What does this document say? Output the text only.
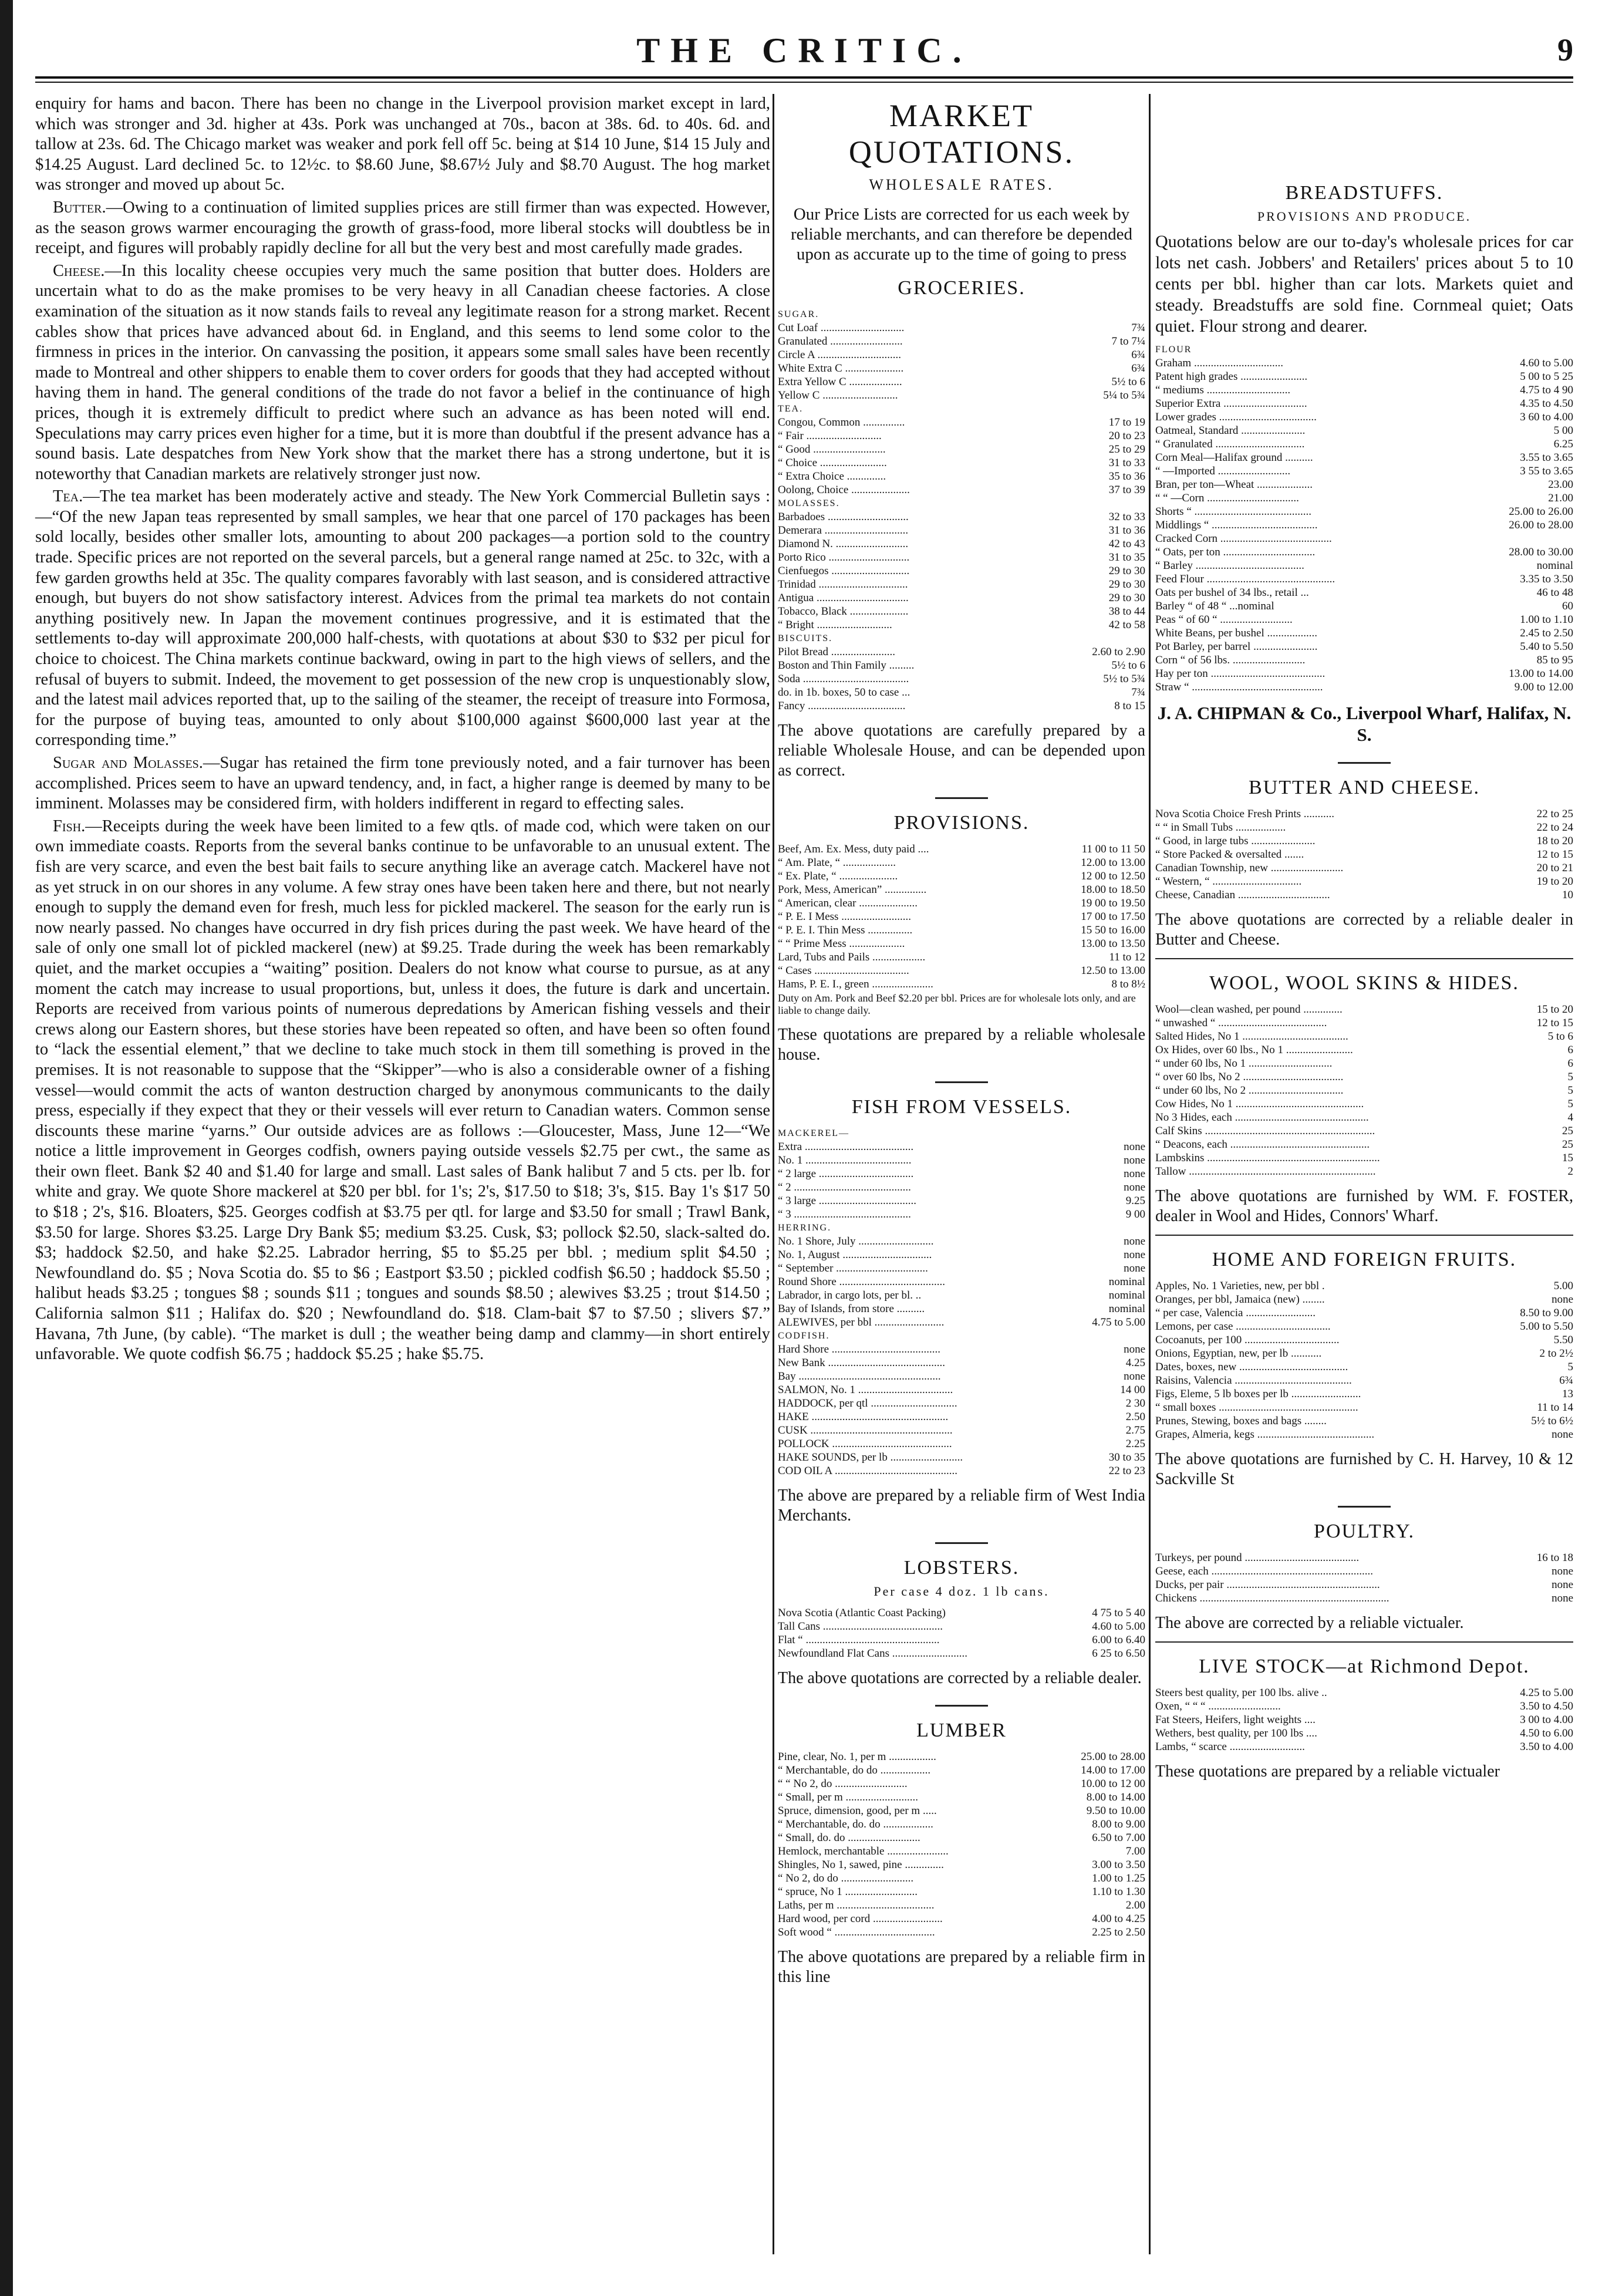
THE CRITIC.	9

enquiry for hams and bacon. There has been no change in the Liverpool provision market except in lard, which was stronger and 3d. higher at 43s. Pork was unchanged at 70s., bacon at 38s. 6d. to 40s. 6d. and tallow at 23s. 6d. The Chicago market was weaker and pork fell off 5c. being at $14 10 June, $14 15 July and $14.25 August. Lard declined 5c. to 12½c. to $8.60 June, $8.67½ July and $8.70 August. The hog market was stronger and moved up about 5c.

Butter.—Owing to a continuation of limited supplies prices are still firmer than was expected. However, as the season grows warmer encouraging the growth of grass-food, more liberal stocks will doubtless be in receipt, and figures will probably rapidly decline for all but the very best and most carefully made grades.

Cheese.—In this locality cheese occupies very much the same position that butter does. Holders are uncertain what to do as the make promises to be very heavy in all Canadian cheese factories. A close examination of the situation as it now stands fails to reveal any legitimate reason for a strong market. Recent cables show that prices have advanced about 6d. in England, and this seems to lend some color to the firmness in prices in the interior. On canvassing the position, it appears some small sales have been recently made to Montreal and other shippers to enable them to cover orders for goods that they had accepted without having them in hand. The general conditions of the trade do not favor a belief in the continuance of high prices, though it is extremely difficult to predict where such an advance as has been noted will end. Speculations may carry prices even higher for a time, but it is more than doubtful if the present advance has a sound basis. Late despatches from New York show that the market there has a strong undertone, but it is noteworthy that Canadian markets are relatively stronger just now.

Tea.—The tea market has been moderately active and steady. The New York Commercial Bulletin says :—“Of the new Japan teas represented by small samples, we hear that one parcel of 170 packages has been sold locally, besides other smaller lots, amounting to about 200 packages—a portion sold to the country trade. Specific prices are not reported on the several parcels, but a general range named at 25c. to 32c, with a few garden growths held at 35c. The quality compares favorably with last season, and is considered attractive enough, but buyers do not show satisfactory interest. Advices from the primal tea markets do not contain anything positively new. In Japan the movement continues progressive, and it is estimated that the settlements to-day will approximate 200,000 half-chests, with quotations at about $30 to $32 per picul for choice to choicest. The China markets continue backward, owing in part to the high views of sellers, and the refusal of buyers to submit. Indeed, the movement to get possession of the new crop is unquestionably slow, and the latest mail advices reported that, up to the sailing of the steamer, the receipt of treasure into Formosa, for the purpose of buying teas, amounted to only about $100,000 against $600,000 last year at the corresponding time.”

Sugar and Molasses.—Sugar has retained the firm tone previously noted, and a fair turnover has been accomplished. Prices seem to have an upward tendency, and, in fact, a higher range is deemed by many to be imminent. Molasses may be considered firm, with holders indifferent in regard to effecting sales.

Fish.—Receipts during the week have been limited to a few qtls. of made cod, which were taken on our own immediate coasts. Reports from the several banks continue to be unfavorable to an unusual extent. The fish are very scarce, and even the best bait fails to secure anything like an average catch. Mackerel have not as yet struck in on our shores in any volume. A few stray ones have been taken here and there, but not nearly enough to supply the demand even for fresh, much less for pickled mackerel. The season for the early run is now nearly passed. No changes have occurred in dry fish prices during the past week. We have heard of the sale of only one small lot of pickled mackerel (new) at $9.25. Trade during the week has been remarkably quiet, and the market occupies a “waiting” position. Dealers do not know what course to pursue, as at any moment the catch may increase to usual proportions, but, unless it does, the future is dark and uncertain. Reports are received from various points of numerous depredations by American fishing vessels and their crews along our Eastern shores, but these stories have been repeated so often, and have been so often found to “lack the essential element,” that we decline to take much stock in them till something is proved in the premises. It is not reasonable to suppose that the “Skipper”—who is also a considerable owner of a fishing vessel—would commit the acts of wanton destruction charged by anonymous communicants to the daily press, especially if they expect that they or their vessels will ever return to Canadian waters. Common sense discounts these marine “yarns.” Our outside advices are as follows :—Gloucester, Mass, June 12—“We notice a little improvement in Georges codfish, owners paying outside vessels $2.75 per cwt., the same as their own fleet. Bank $2 40 and $1.40 for large and small. Last sales of Bank halibut 7 and 5 cts. per lb. for white and gray. We quote Shore mackerel at $20 per bbl. for 1's; 2's, $17.50 to $18; 3's, $15. Bay 1's $17 50 to $18 ; 2's, $16. Bloaters, $25. Georges codfish at $3.75 per qtl. for large and $3.50 for small ; Trawl Bank, $3.50 for large. Shores $3.25. Large Dry Bank $5; medium $3.25. Cusk, $3; pollock $2.50, slack-salted do. $3; haddock $2.50, and hake $2.25. Labrador herring, $5 to $5.25 per bbl. ; medium split $4.50 ; Newfoundland do. $5 ; Nova Scotia do. $5 to $6 ; Eastport $3.50 ; pickled codfish $6.50 ; haddock $5.50 ; halibut heads $3.25 ; tongues $8 ; sounds $11 ; tongues and sounds $8.50 ; alewives $3.25 ; trout $14.50 ; California salmon $11 ; Halifax do. $20 ; Newfoundland do. $18. Clam-bait $7 to $7.50 ; slivers $7.” Havana, 7th June, (by cable). “The market is dull ; the weather being damp and clammy—in short entirely unfavorable. We quote codfish $6.75 ; haddock $5.25 ; hake $5.75.

MARKET QUOTATIONS.
WHOLESALE RATES.
Our Price Lists are corrected for us each week by reliable merchants, and can therefore be depended upon as accurate up to the time of going to press
GROCERIES.
SUGAR.	
Cut Loaf ..............................	7¾
Granulated ..........................	7 to 7¼
Circle A ..............................	6¾
White Extra C .....................	6¾
Extra Yellow C ...................	5½ to 6
Yellow C ...........................	5¼ to 5¾
TEA.	
Congou, Common ...............	17 to 19
“ Fair ...........................	20 to 23
“ Good ..........................	25 to 29
“ Choice ........................	31 to 33
“ Extra Choice ..............	35 to 36
Oolong, Choice .....................	37 to 39
MOLASSES.	
Barbadoes .............................	32 to 33
Demerara ..............................	31 to 36
Diamond N. ..........................	42 to 43
Porto Rico .............................	31 to 35
Cienfuegos ............................	29 to 30
Trinidad ................................	29 to 30
Antigua .................................	29 to 30
Tobacco, Black .....................	38 to 44
“ Bright ...........................	42 to 58
BISCUITS.	
Pilot Bread .......................	2.60 to 2.90
Boston and Thin Family .........	5½ to 6
Soda ......................................	5½ to 5¾
do. in 1b. boxes, 50 to case ...	7¾
Fancy ...................................	8 to 15
The above quotations are carefully prepared by a reliable Wholesale House, and can be depended upon as correct.
PROVISIONS.
Beef, Am. Ex. Mess, duty paid ....	11 00 to 11 50
“ Am. Plate, “ ...................	12.00 to 13.00
“ Ex. Plate, “ .....................	12 00 to 12.50
Pork, Mess, American” ...............	18.00 to 18.50
“ American, clear .....................	19 00 to 19.50
“ P. E. I Mess .........................	17 00 to 17.50
“ P. E. I. Thin Mess ................	15 50 to 16.00
“ “ Prime Mess ....................	13.00 to 13.50
Lard, Tubs and Pails ...................	11 to 12
“ Cases ..................................	12.50 to 13.00
Hams, P. E. I., green ......................	8 to 8½
Duty on Am. Pork and Beef $2.20 per bbl. Prices are for wholesale lots only, and are liable to change daily.
These quotations are prepared by a reliable wholesale house.
FISH FROM VESSELS.
MACKEREL—	
Extra .......................................	none
No. 1 ......................................	none
“ 2 large ..................................	none
“ 2 ..........................................	none
“ 3 large ...................................	9.25
“ 3 ..........................................	9 00
HERRING.	
No. 1 Shore, July ...........................	none
No. 1, August ................................	none
“ September .................................	none
Round Shore ......................................	nominal
Labrador, in cargo lots, per bl. ..	nominal
Bay of Islands, from store ..........	nominal
ALEWIVES, per bbl .........................	4.75 to 5.00
CODFISH.	
Hard Shore .......................................	none
New Bank ..........................................	4.25
Bay ...................................................	none
SALMON, No. 1 ..................................	14 00
HADDOCK, per qtl ...............................	2 30
HAKE .................................................	2.50
CUSK ...................................................	2.75
POLLOCK ...........................................	2.25
HAKE SOUNDS, per lb ..........................	30 to 35
COD OIL A ............................................	22 to 23
The above are prepared by a reliable firm of West India Merchants.
LOBSTERS.
Per case 4 doz. 1 lb cans.
Nova Scotia (Atlantic Coast Packing)	4 75 to 5 40
Tall Cans ...........................................	4.60 to 5.00
Flat “ ................................................	6.00 to 6.40
Newfoundland Flat Cans ...........................	6 25 to 6.50
The above quotations are corrected by a reliable dealer.
LUMBER
Pine, clear, No. 1, per m .................	25.00 to 28.00
“ Merchantable, do do ..................	14.00 to 17.00
“ “ No 2, do ..........................	10.00 to 12 00
“ Small, per m ..........................	8.00 to 14.00
Spruce, dimension, good, per m .....	9.50 to 10.00
“ Merchantable, do. do ..................	8.00 to 9.00
“ Small, do. do ..........................	6.50 to 7.00
Hemlock, merchantable ......................	7.00
Shingles, No 1, sawed, pine ..............	3.00 to 3.50
“ No 2, do do ..........................	1.00 to 1.25
“ spruce, No 1 ..........................	1.10 to 1.30
Laths, per m ...................................	2.00
Hard wood, per cord .........................	4.00 to 4.25
Soft wood “ ....................................	2.25 to 2.50
The above quotations are prepared by a reliable firm in this line
BREADSTUFFS.
PROVISIONS AND PRODUCE.
Quotations below are our to-day's wholesale prices for car lots net cash. Jobbers' and Retailers' prices about 5 to 10 cents per bbl. higher than car lots. Markets quiet and steady. Breadstuffs are sold fine. Cornmeal quiet; Oats quiet. Flour strong and dearer.
FLOUR	
Graham ................................	4.60 to 5.00
Patent high grades ........................	5 00 to 5 25
“ mediums ..............................	4.75 to 4 90
Superior Extra ..............................	4.35 to 4.50
Lower grades ...................................	3 60 to 4.00
Oatmeal, Standard .......................	5 00
“ Granulated ................................	6.25
Corn Meal—Halifax ground ..........	3.55 to 3.65
“ —Imported ..........................	3 55 to 3.65
Bran, per ton—Wheat ....................	23.00
“ “ —Corn .................................	21.00
Shorts “ ..........................................	25.00 to 26.00
Middlings “ ......................................	26.00 to 28.00
Cracked Corn ........................................	
“ Oats, per ton .................................	28.00 to 30.00
“ Barley .......................................	nominal
Feed Flour ..............................................	3.35 to 3.50
Oats per bushel of 34 lbs., retail ...	46 to 48
Barley “ of 48 “ ...nominal	60
Peas “ of 60 “ ..........................	1.00 to 1.10
White Beans, per bushel ..................	2.45 to 2.50
Pot Barley, per barrel .......................	5.40 to 5.50
Corn “ of 56 lbs. ..........................	85 to 95
Hay per ton .........................................	13.00 to 14.00
Straw “ ...............................................	9.00 to 12.00
J. A. CHIPMAN & Co., Liverpool Wharf, Halifax, N. S.
BUTTER AND CHEESE.
Nova Scotia Choice Fresh Prints ...........	22 to 25
“ “ in Small Tubs ..................	22 to 24
“ Good, in large tubs .......................	18 to 20
“ Store Packed & oversalted .......	12 to 15
Canadian Township, new ..........................	20 to 21
“ Western, “ ................................	19 to 20
Cheese, Canadian .................................	10
The above quotations are corrected by a reliable dealer in Butter and Cheese.
WOOL, WOOL SKINS & HIDES.
Wool—clean washed, per pound ..............	15 to 20
“ unwashed “ .......................................	12 to 15
Salted Hides, No 1 ......................................	5 to 6
Ox Hides, over 60 lbs., No 1 ........................	6
“ under 60 lbs, No 1 ..............................	6
“ over 60 lbs, No 2 ....................................	5
“ under 60 lbs, No 2 ..................................	5
Cow Hides, No 1 ..............................................	5
No 3 Hides, each ................................................	4
Calf Skins .............................................................	25
“ Deacons, each ..................................................	25
Lambskins ..............................................................	15
Tallow ...................................................................	2
The above quotations are furnished by WM. F. FOSTER, dealer in Wool and Hides, Connors' Wharf.
HOME AND FOREIGN FRUITS.
Apples, No. 1 Varieties, new, per bbl .	5.00
Oranges, per bbl, Jamaica (new) ........	none
“ per case, Valencia .........................	8.50 to 9.00
Lemons, per case ..................................	5.00 to 5.50
Cocoanuts, per 100 ..................................	5.50
Onions, Egyptian, new, per lb ...........	2 to 2½
Dates, boxes, new .......................................	5
Raisins, Valencia ..........................................	6¾
Figs, Eleme, 5 lb boxes per lb .........................	13
“ small boxes ..................................................	11 to 14
Prunes, Stewing, boxes and bags ........	5½ to 6½
Grapes, Almeria, kegs ..........................................	none
The above quotations are furnished by C. H. Harvey, 10 & 12 Sackville St
POULTRY.
Turkeys, per pound .........................................	16 to 18
Geese, each ..........................................................	none
Ducks, per pair .......................................................	none
Chickens ....................................................................	none
The above are corrected by a reliable victualer.
LIVE STOCK—at Richmond Depot.
Steers best quality, per 100 lbs. alive ..	4.25 to 5.00
Oxen, “ “ “ ..........................	3.50 to 4.50
Fat Steers, Heifers, light weights ....	3 00 to 4.00
Wethers, best quality, per 100 lbs ....	4.50 to 6.00
Lambs, “ scarce ...........................	3.50 to 4.00
These quotations are prepared by a reliable victualer
